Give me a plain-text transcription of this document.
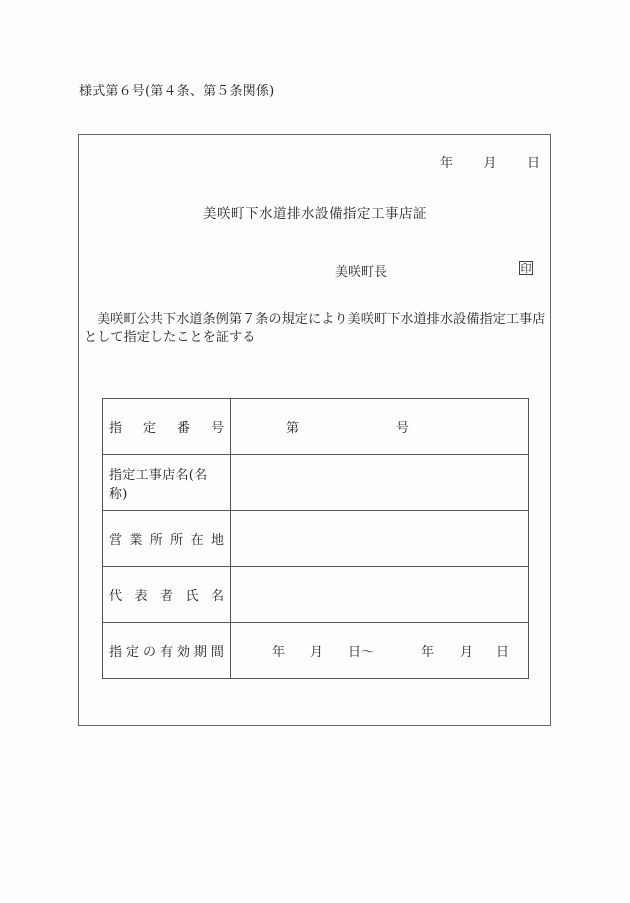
様式第６号(第４条、第５条関係)
年 月 日
美咲町下水道排水設備指定工事店証
美咲町長	印
美咲町公共下水道条例第７条の規定により美咲町下水道排水設備指定工事店として指定したことを証する
指 定 番 号	第 号

指定工事店名(名称)	

営 業 所 所 在 地

代 表 者 氏 名	

指 定 の 有 効 期 間	年	月	日〜	年	月	日
